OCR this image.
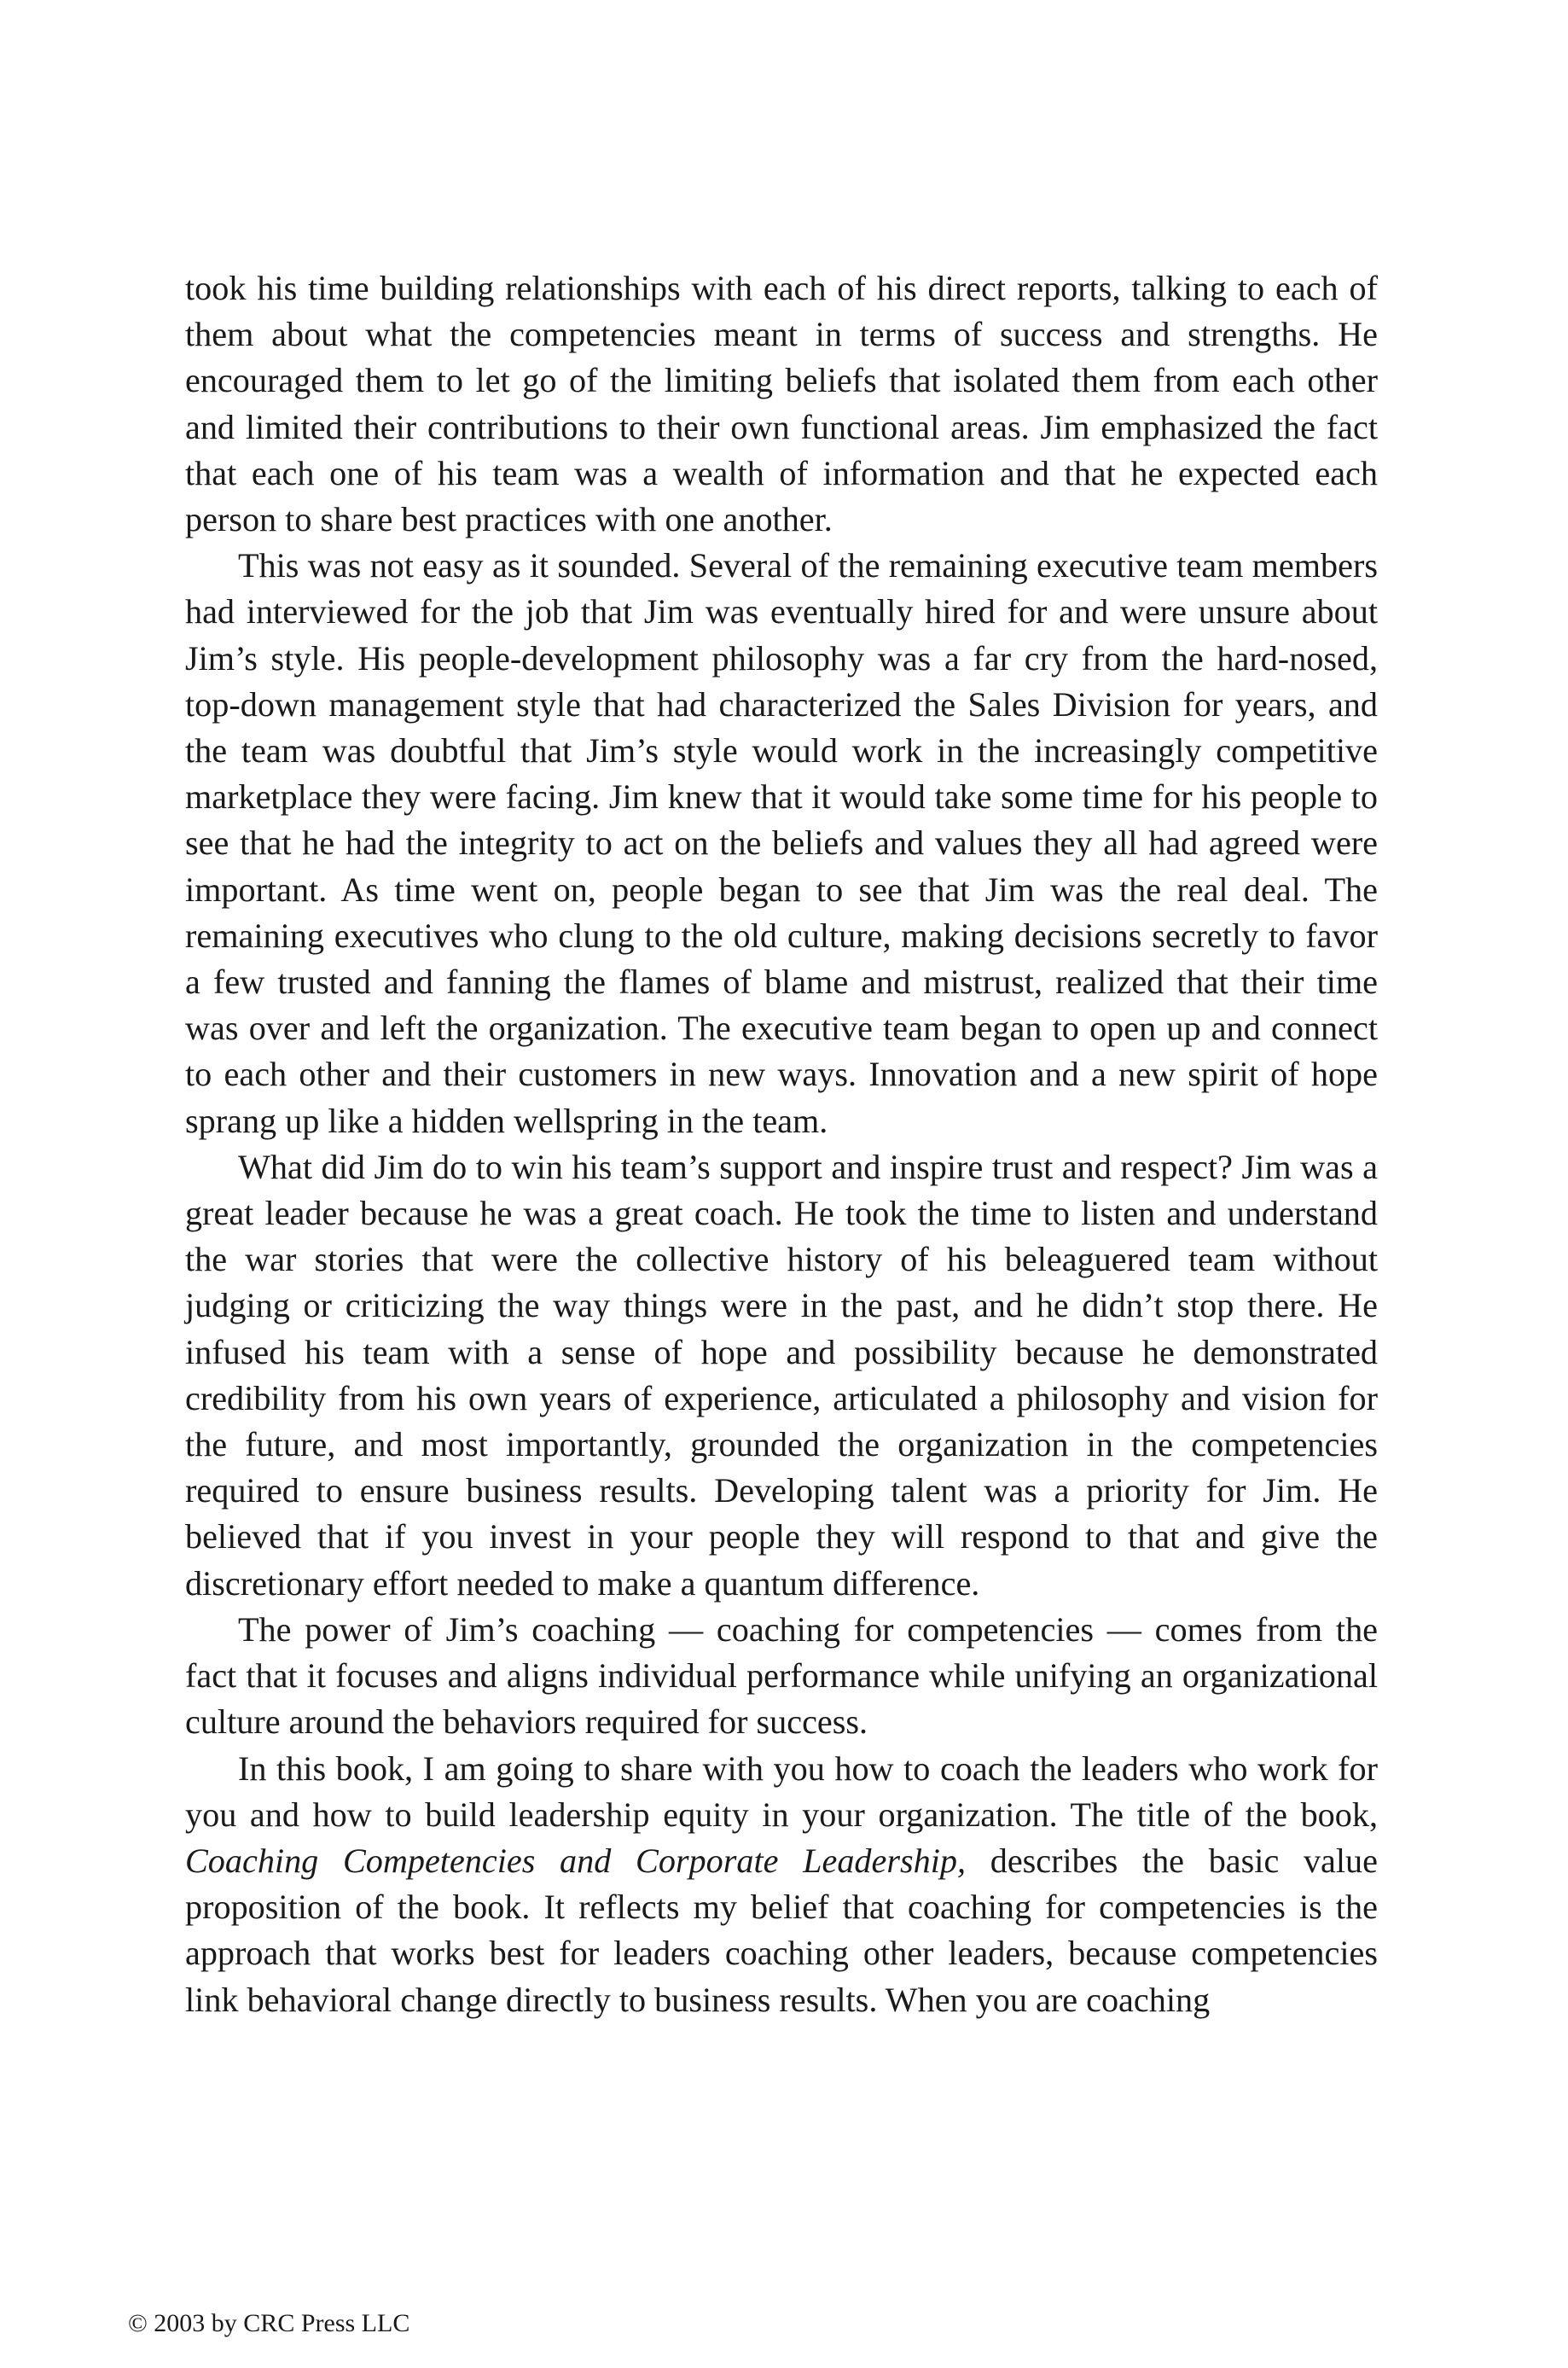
took his time building relationships with each of his direct reports, talking to each of them about what the competencies meant in terms of success and strengths. He encouraged them to let go of the limiting beliefs that isolated them from each other and limited their contributions to their own functional areas. Jim emphasized the fact that each one of his team was a wealth of information and that he expected each person to share best practices with one another.

This was not easy as it sounded. Several of the remaining executive team members had interviewed for the job that Jim was eventually hired for and were unsure about Jim’s style. His people-development philosophy was a far cry from the hard-nosed, top-down management style that had characterized the Sales Division for years, and the team was doubtful that Jim’s style would work in the increasingly competitive marketplace they were facing. Jim knew that it would take some time for his people to see that he had the integrity to act on the beliefs and values they all had agreed were important. As time went on, people began to see that Jim was the real deal. The remaining executives who clung to the old culture, making decisions secretly to favor a few trusted and fanning the flames of blame and mistrust, realized that their time was over and left the organization. The executive team began to open up and connect to each other and their customers in new ways. Innovation and a new spirit of hope sprang up like a hidden wellspring in the team.

What did Jim do to win his team’s support and inspire trust and respect? Jim was a great leader because he was a great coach. He took the time to listen and understand the war stories that were the collective history of his beleaguered team without judging or criticizing the way things were in the past, and he didn’t stop there. He infused his team with a sense of hope and possibility because he demonstrated credibility from his own years of experience, articulated a philosophy and vision for the future, and most importantly, grounded the organization in the competencies required to ensure business results. Developing talent was a priority for Jim. He believed that if you invest in your people they will respond to that and give the discretionary effort needed to make a quantum difference.

The power of Jim’s coaching — coaching for competencies — comes from the fact that it focuses and aligns individual performance while unifying an organizational culture around the behaviors required for success.

In this book, I am going to share with you how to coach the leaders who work for you and how to build leadership equity in your organization. The title of the book, Coaching Competencies and Corporate Leadership, describes the basic value proposition of the book. It reflects my belief that coaching for competencies is the approach that works best for leaders coaching other leaders, because competencies link behavioral change directly to business results. When you are coaching

© 2003 by CRC Press LLC
